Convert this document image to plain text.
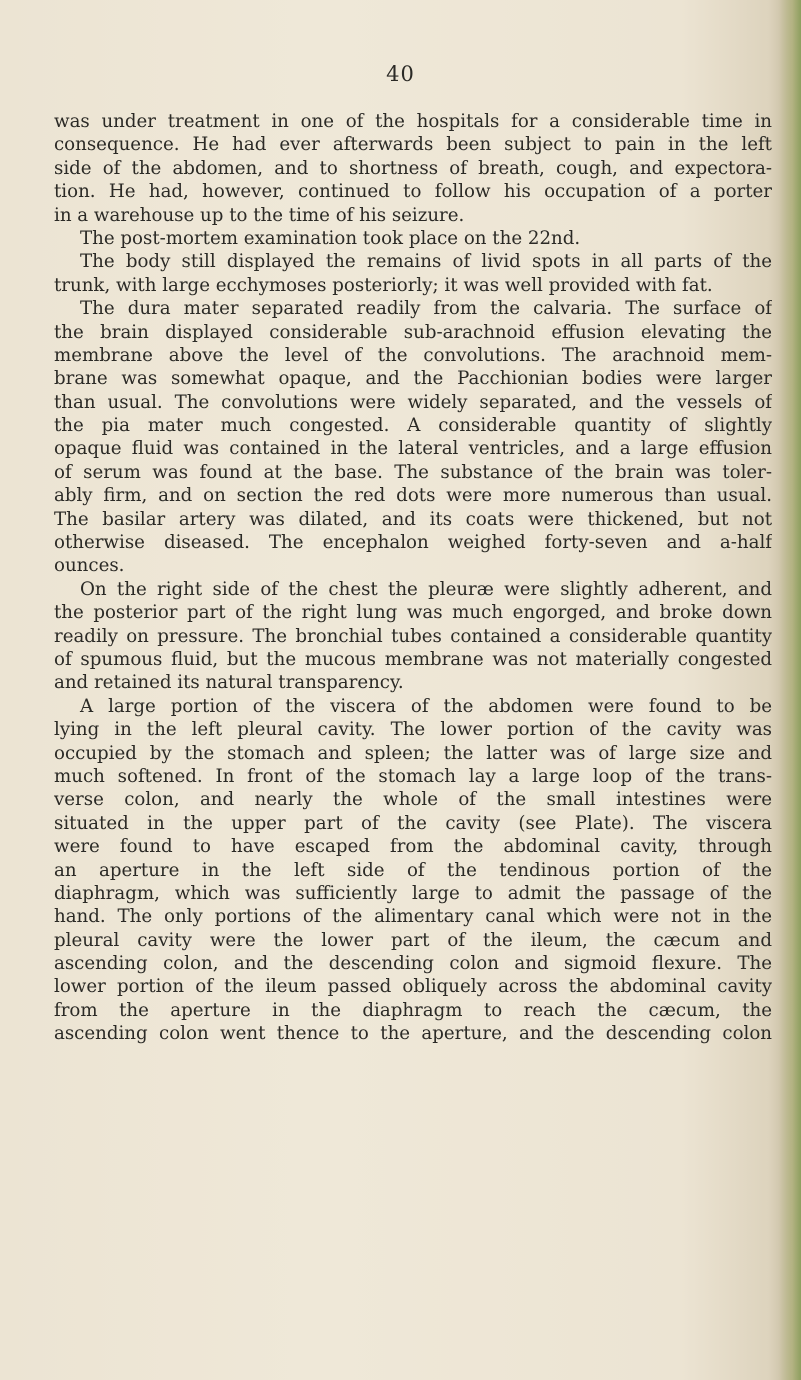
40
was under treatment in one of the hospitals for a considerable time in
consequence. He had ever afterwards been subject to pain in the left
side of the abdomen, and to shortness of breath, cough, and expectora-
tion. He had, however, continued to follow his occupation of a porter
in a warehouse up to the time of his seizure.
The post-mortem examination took place on the 22nd.
The body still displayed the remains of livid spots in all parts of the
trunk, with large ecchymoses posteriorly; it was well provided with fat.
The dura mater separated readily from the calvaria. The surface of
the brain displayed considerable sub-arachnoid effusion elevating the
membrane above the level of the convolutions. The arachnoid mem-
brane was somewhat opaque, and the Pacchionian bodies were larger
than usual. The convolutions were widely separated, and the vessels of
the pia mater much congested. A considerable quantity of slightly
opaque fluid was contained in the lateral ventricles, and a large effusion
of serum was found at the base. The substance of the brain was toler-
ably firm, and on section the red dots were more numerous than usual.
The basilar artery was dilated, and its coats were thickened, but not
otherwise diseased. The encephalon weighed forty-seven and a-half
ounces.
On the right side of the chest the pleuræ were slightly adherent, and
the posterior part of the right lung was much engorged, and broke down
readily on pressure. The bronchial tubes contained a considerable quantity
of spumous fluid, but the mucous membrane was not materially congested
and retained its natural transparency.
A large portion of the viscera of the abdomen were found to be
lying in the left pleural cavity. The lower portion of the cavity was
occupied by the stomach and spleen; the latter was of large size and
much softened. In front of the stomach lay a large loop of the trans-
verse colon, and nearly the whole of the small intestines were
situated in the upper part of the cavity (see Plate). The viscera
were found to have escaped from the abdominal cavity, through
an aperture in the left side of the tendinous portion of the
diaphragm, which was sufficiently large to admit the passage of the
hand. The only portions of the alimentary canal which were not in the
pleural cavity were the lower part of the ileum, the cæcum and
ascending colon, and the descending colon and sigmoid flexure. The
lower portion of the ileum passed obliquely across the abdominal cavity
from the aperture in the diaphragm to reach the cæcum, the
ascending colon went thence to the aperture, and the descending colon
